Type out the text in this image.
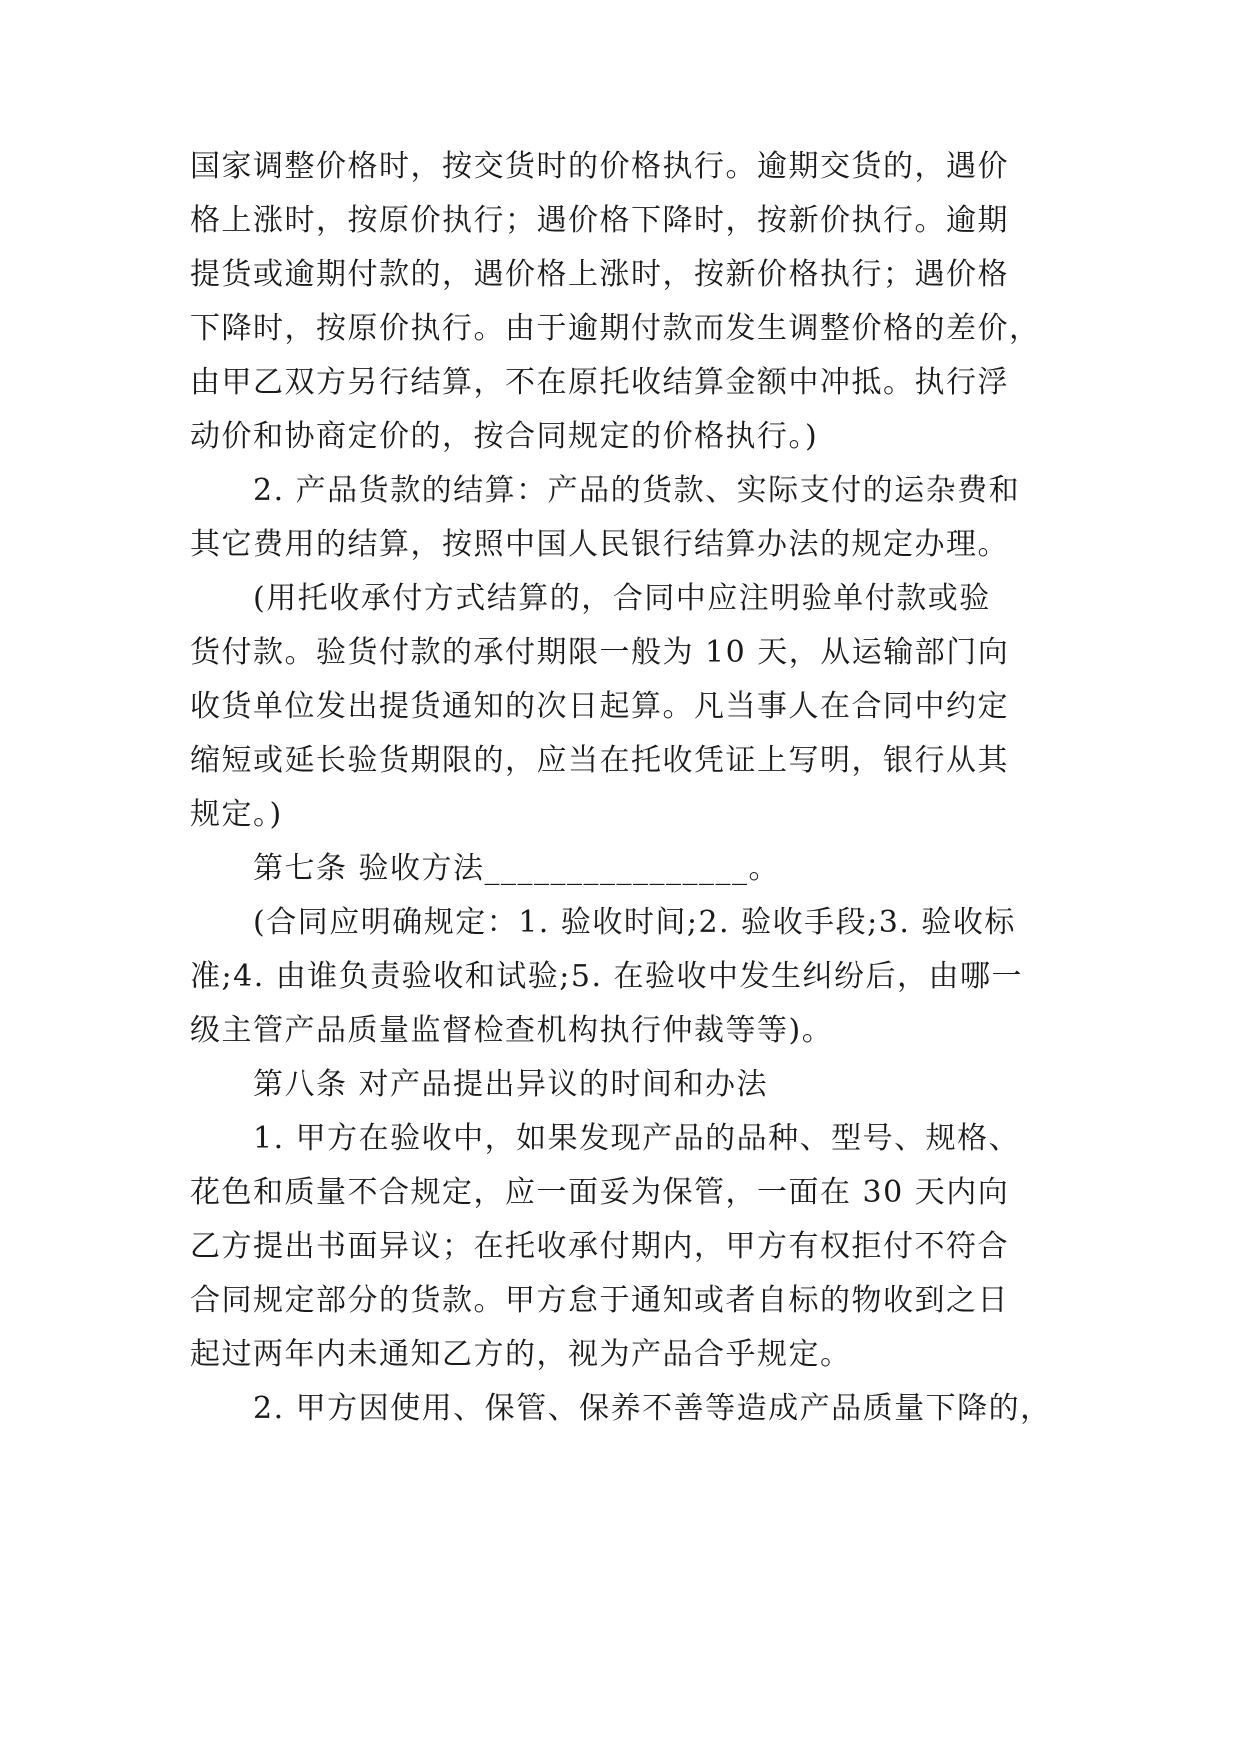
国家调整价格时，按交货时的价格执行。逾期交货的，遇价
格上涨时，按原价执行；遇价格下降时，按新价执行。逾期
提货或逾期付款的，遇价格上涨时，按新价格执行；遇价格
下降时，按原价执行。由于逾期付款而发生调整价格的差价，
由甲乙双方另行结算，不在原托收结算金额中冲抵。执行浮
动价和协商定价的，按合同规定的价格执行。)
2. 产品货款的结算：产品的货款、实际支付的运杂费和
其它费用的结算，按照中国人民银行结算办法的规定办理。
(用托收承付方式结算的，合同中应注明验单付款或验
货付款。验货付款的承付期限一般为 10 天，从运输部门向
收货单位发出提货通知的次日起算。凡当事人在合同中约定
缩短或延长验货期限的，应当在托收凭证上写明，银行从其
规定。)
第七条 验收方法________________。
(合同应明确规定：1. 验收时间;2. 验收手段;3. 验收标
准;4. 由谁负责验收和试验;5. 在验收中发生纠纷后，由哪一
级主管产品质量监督检查机构执行仲裁等等)。
第八条 对产品提出异议的时间和办法
1. 甲方在验收中，如果发现产品的品种、型号、规格、
花色和质量不合规定，应一面妥为保管，一面在 30 天内向
乙方提出书面异议；在托收承付期内，甲方有权拒付不符合
合同规定部分的货款。甲方怠于通知或者自标的物收到之日
起过两年内未通知乙方的，视为产品合乎规定。
2. 甲方因使用、保管、保养不善等造成产品质量下降的，
